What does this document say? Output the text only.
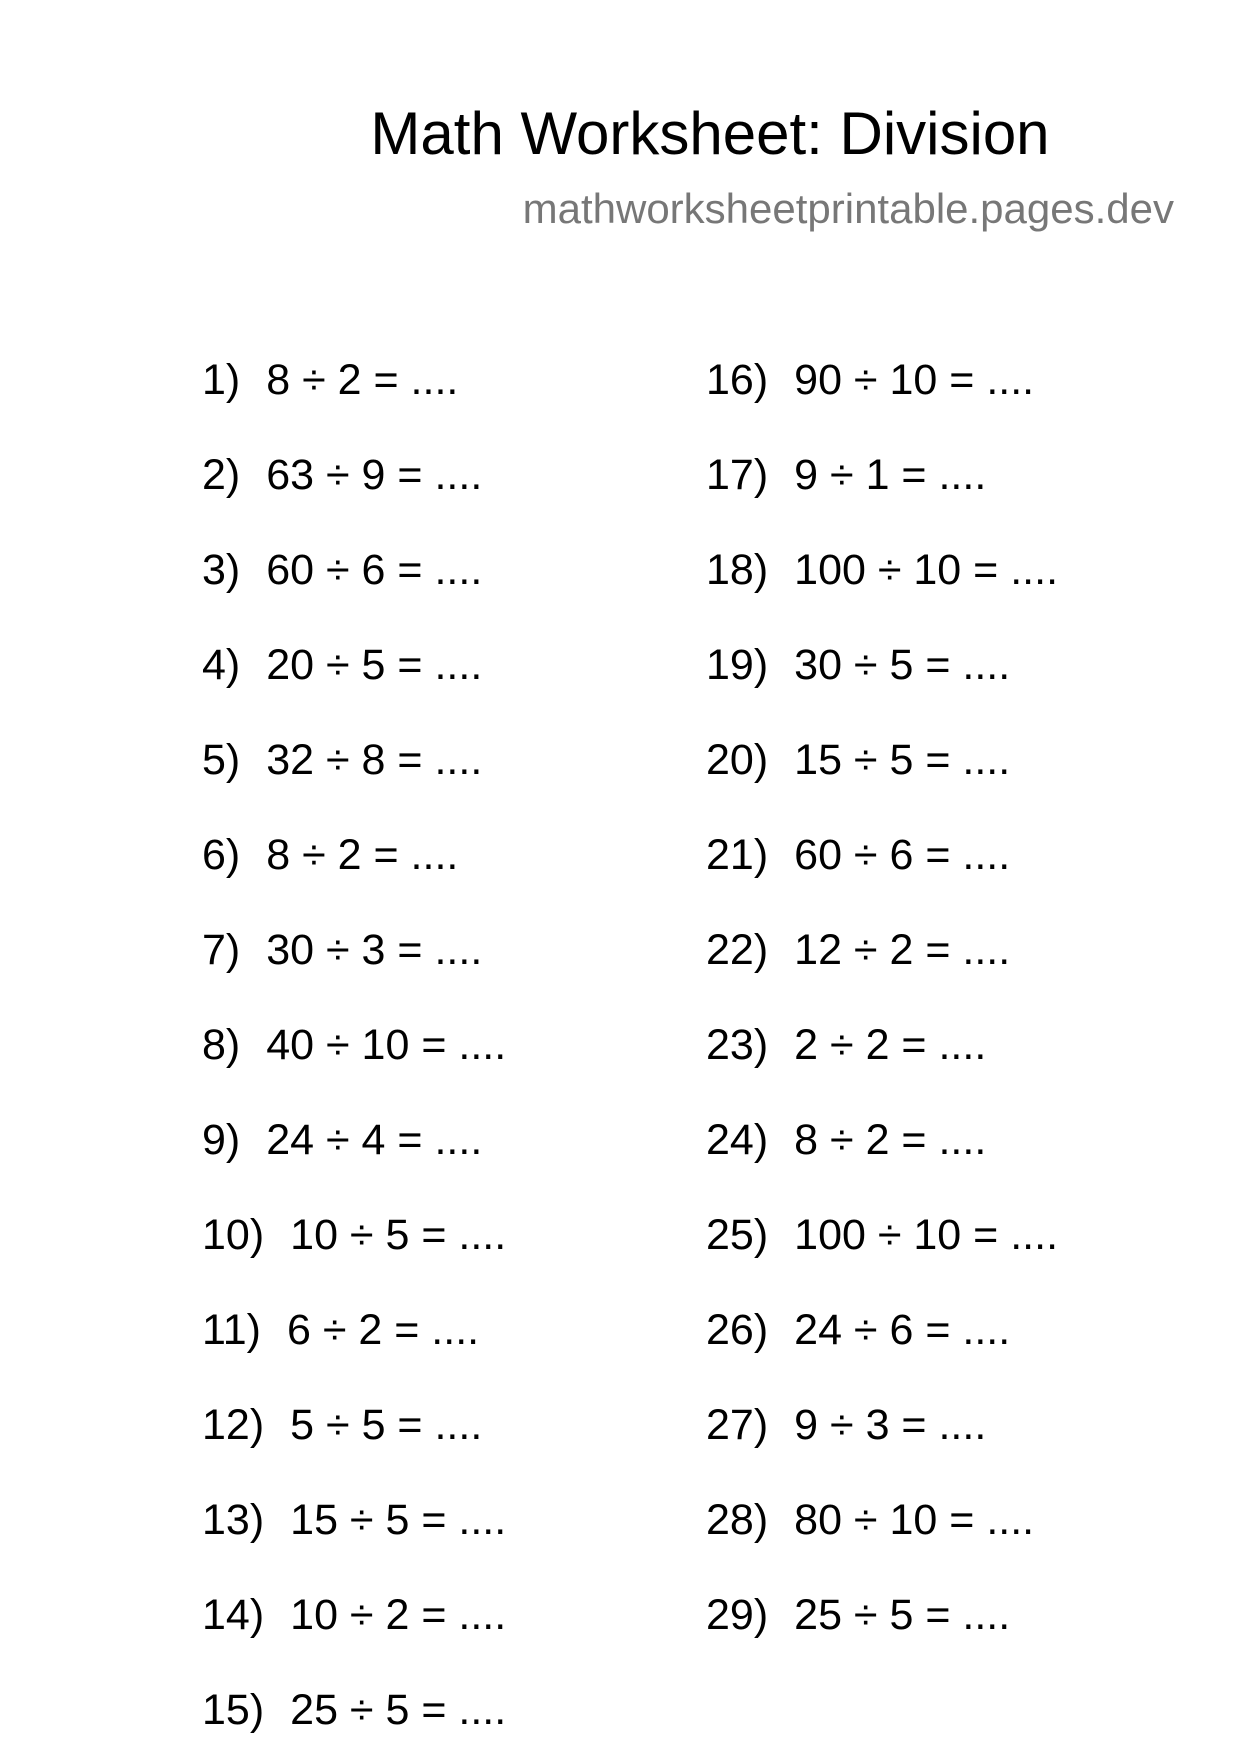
Math Worksheet: Division
mathworksheetprintable.pages.dev
1) 8 ÷ 2 = ....
2) 63 ÷ 9 = ....
3) 60 ÷ 6 = ....
4) 20 ÷ 5 = ....
5) 32 ÷ 8 = ....
6) 8 ÷ 2 = ....
7) 30 ÷ 3 = ....
8) 40 ÷ 10 = ....
9) 24 ÷ 4 = ....
10) 10 ÷ 5 = ....
11) 6 ÷ 2 = ....
12) 5 ÷ 5 = ....
13) 15 ÷ 5 = ....
14) 10 ÷ 2 = ....
15) 25 ÷ 5 = ....
16) 90 ÷ 10 = ....
17) 9 ÷ 1 = ....
18) 100 ÷ 10 = ....
19) 30 ÷ 5 = ....
20) 15 ÷ 5 = ....
21) 60 ÷ 6 = ....
22) 12 ÷ 2 = ....
23) 2 ÷ 2 = ....
24) 8 ÷ 2 = ....
25) 100 ÷ 10 = ....
26) 24 ÷ 6 = ....
27) 9 ÷ 3 = ....
28) 80 ÷ 10 = ....
29) 25 ÷ 5 = ....
